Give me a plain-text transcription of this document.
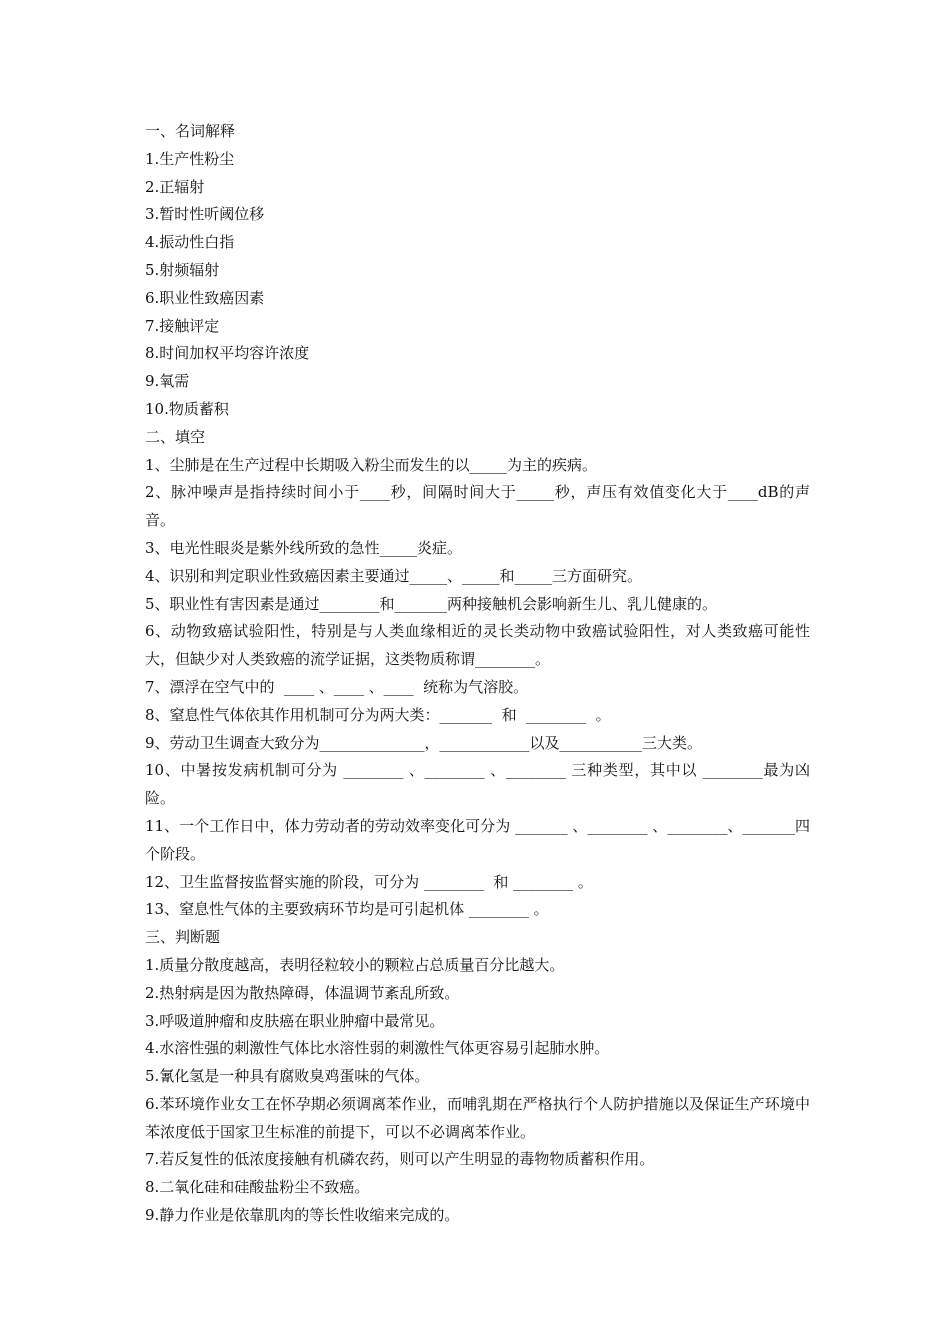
一、名词解释
1.生产性粉尘
2.正辐射
3.暂时性听阈位移
4.振动性白指
5.射频辐射
6.职业性致癌因素
7.接触评定
8.时间加权平均容许浓度
9.氧需
10.物质蓄积
二、填空
1、尘肺是在生产过程中长期吸入粉尘而发生的以_____为主的疾病。
2、脉冲噪声是指持续时间小于____秒，间隔时间大于_____秒，声压有效值变化大于____dB的声音。
3、电光性眼炎是紫外线所致的急性_____炎症。
4、识别和判定职业性致癌因素主要通过_____、_____和_____三方面研究。
5、职业性有害因素是通过________和_______两种接触机会影响新生儿、乳儿健康的。
6、动物致癌试验阳性，特别是与人类血缘相近的灵长类动物中致癌试验阳性，对人类致癌可能性大，但缺少对人类致癌的流学证据，这类物质称谓________。
7、漂浮在空气中的  ____ 、____ 、____  统称为气溶胶。
8、窒息性气体依其作用机制可分为两大类：_______  和  ________  。
9、劳动卫生调查大致分为______________，____________以及___________三大类。
10、中暑按发病机制可分为 ________ 、________ 、________ 三种类型，其中以 ________最为凶险。
11、一个工作日中，体力劳动者的劳动效率变化可分为 _______ 、________ 、________、_______四个阶段。
12、卫生监督按监督实施的阶段，可分为 ________  和 ________ 。
13、窒息性气体的主要致病环节均是可引起机体 ________ 。
三、判断题
1.质量分散度越高，表明径粒较小的颗粒占总质量百分比越大。
2.热射病是因为散热障碍，体温调节紊乱所致。
3.呼吸道肿瘤和皮肤癌在职业肿瘤中最常见。
4.水溶性强的刺激性气体比水溶性弱的刺激性气体更容易引起肺水肿。
5.氰化氢是一种具有腐败臭鸡蛋味的气体。
6.苯环境作业女工在怀孕期必须调离苯作业，而哺乳期在严格执行个人防护措施以及保证生产环境中苯浓度低于国家卫生标准的前提下，可以不必调离苯作业。
7.若反复性的低浓度接触有机磷农药，则可以产生明显的毒物物质蓄积作用。
8.二氧化硅和硅酸盐粉尘不致癌。
9.静力作业是依靠肌肉的等长性收缩来完成的。
